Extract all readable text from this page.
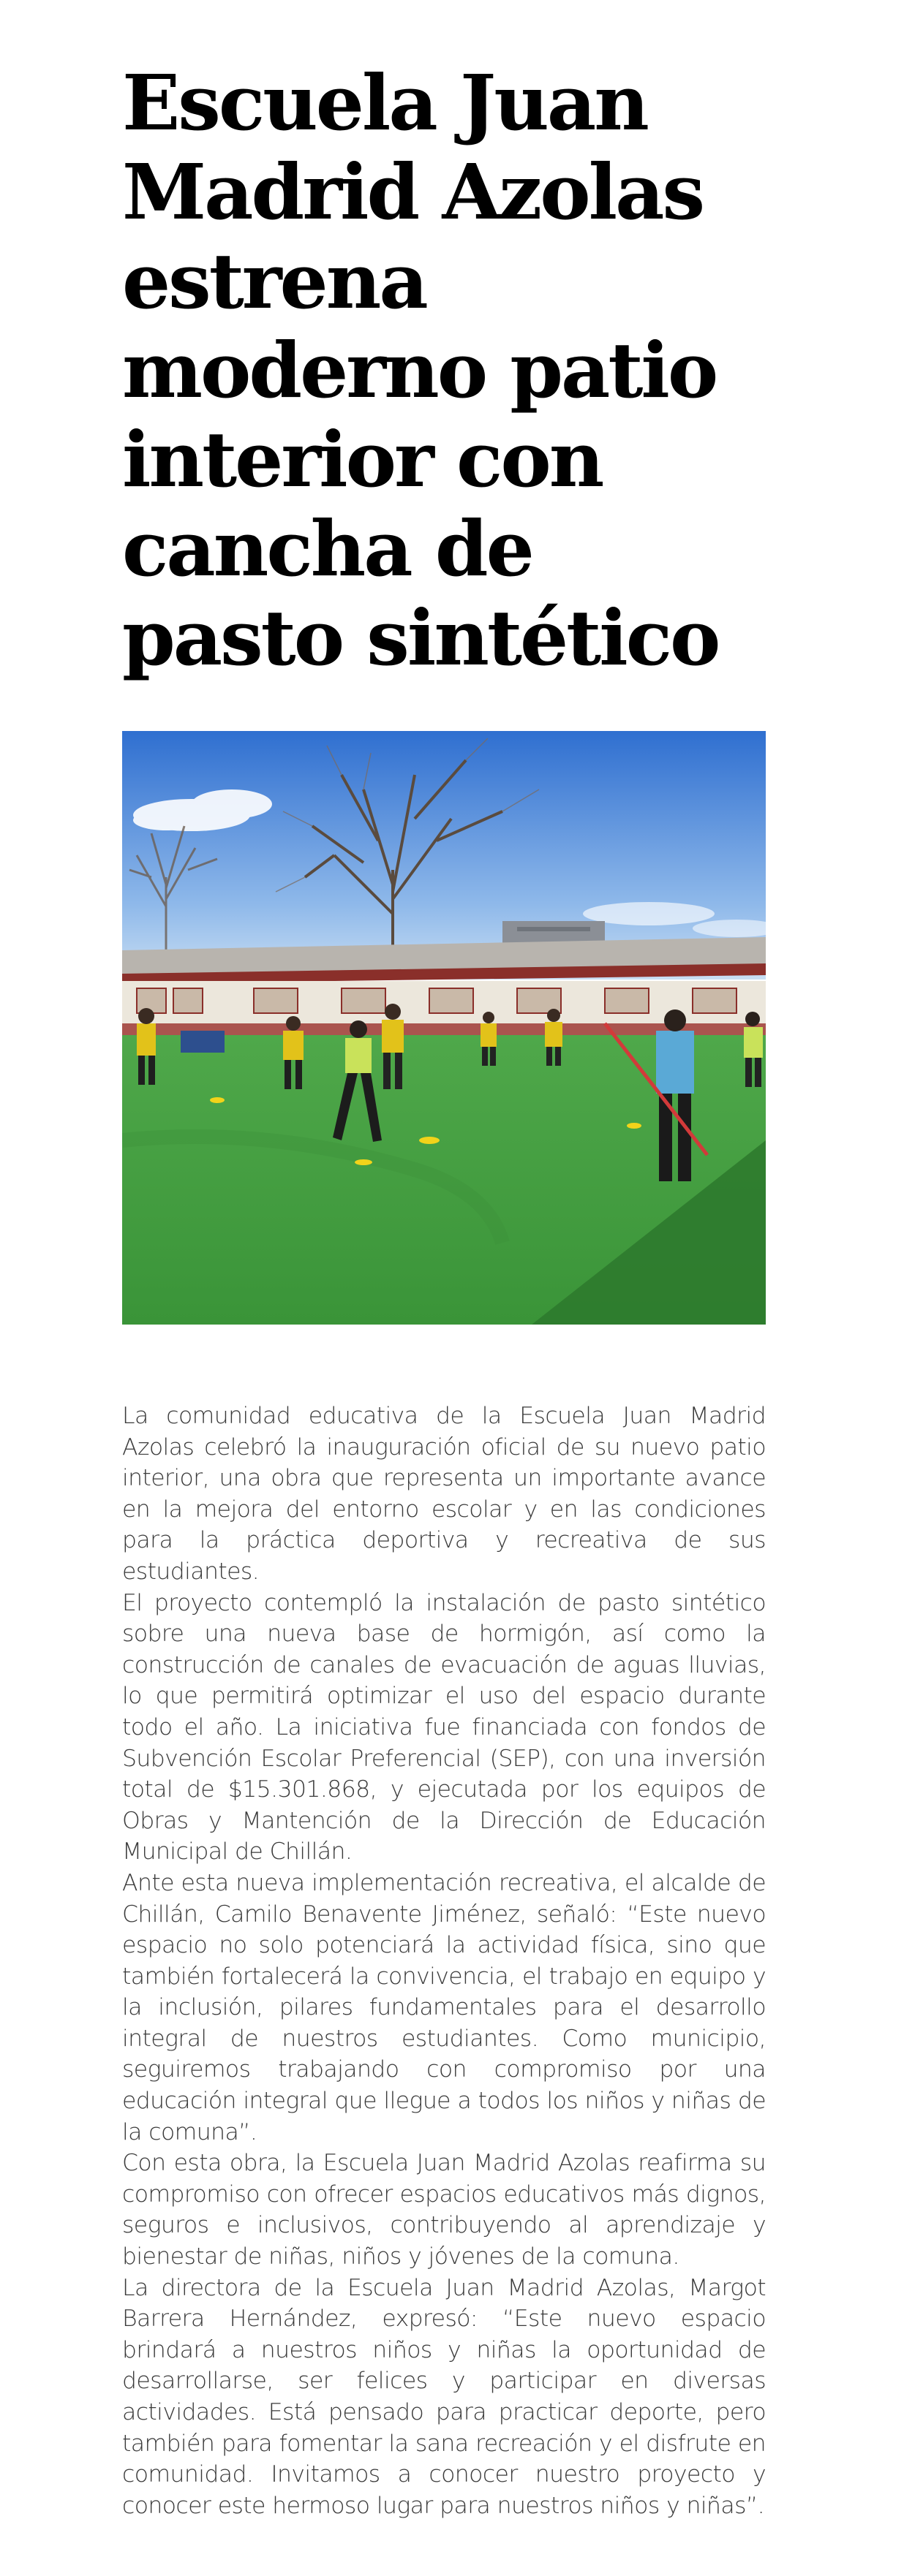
Escuela Juan
Madrid Azolas
estrena
moderno patio
interior con
cancha de
pasto sintético

La comunidad educativa de la Escuela Juan Madrid Azolas celebró la inauguración oficial de su nuevo patio interior, una obra que representa un importante avance en la mejora del entorno escolar y en las condiciones para la práctica deportiva y recreativa de sus estudiantes.

El proyecto contempló la instalación de pasto sintético sobre una nueva base de hormigón, así como la construcción de canales de evacuación de aguas lluvias, lo que permitirá optimizar el uso del espacio durante todo el año. La iniciativa fue financiada con fondos de Subvención Escolar Preferencial (SEP), con una inversión total de $15.301.868, y ejecutada por los equipos de Obras y Mantención de la Dirección de Educación Municipal de Chillán.

Ante esta nueva implementación recreativa, el alcalde de Chillán, Camilo Benavente Jiménez, señaló: “Este nuevo espacio no solo potenciará la actividad física, sino que también fortalecerá la convivencia, el trabajo en equipo y la inclusión, pilares fundamentales para el desarrollo integral de nuestros estudiantes. Como municipio, seguiremos trabajando con compromiso por una educación integral que llegue a todos los niños y niñas de la comuna”.

Con esta obra, la Escuela Juan Madrid Azolas reafirma su compromiso con ofrecer espacios educativos más dignos, seguros e inclusivos, contribuyendo al aprendizaje y bienestar de niñas, niños y jóvenes de la comuna.

La directora de la Escuela Juan Madrid Azolas, Margot Barrera Hernández, expresó: “Este nuevo espacio brindará a nuestros niños y niñas la oportunidad de desarrollarse, ser felices y participar en diversas actividades. Está pensado para practicar deporte, pero también para fomentar la sana recreación y el disfrute en comunidad. Invitamos a conocer nuestro proyecto y conocer este hermoso lugar para nuestros niños y niñas”.
